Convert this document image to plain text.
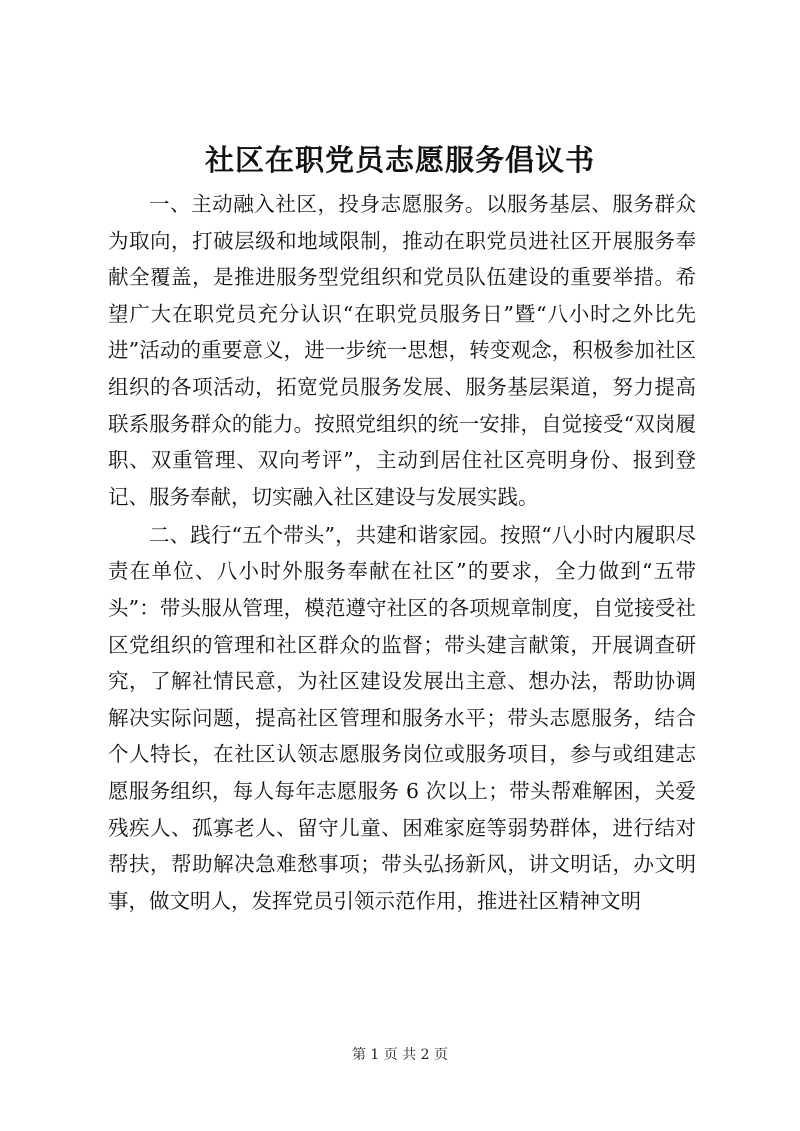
社区在职党员志愿服务倡议书

一、主动融入社区，投身志愿服务。以服务基层、服务群众为取向，打破层级和地域限制，推动在职党员进社区开展服务奉献全覆盖，是推进服务型党组织和党员队伍建设的重要举措。希望广大在职党员充分认识“在职党员服务日”暨“八小时之外比先进”活动的重要意义，进一步统一思想，转变观念，积极参加社区组织的各项活动，拓宽党员服务发展、服务基层渠道，努力提高联系服务群众的能力。按照党组织的统一安排，自觉接受“双岗履职、双重管理、双向考评”，主动到居住社区亮明身份、报到登记、服务奉献，切实融入社区建设与发展实践。

二、践行“五个带头”，共建和谐家园。按照“八小时内履职尽责在单位、八小时外服务奉献在社区”的要求，全力做到“五带头”：带头服从管理，模范遵守社区的各项规章制度，自觉接受社区党组织的管理和社区群众的监督；带头建言献策，开展调查研究，了解社情民意，为社区建设发展出主意、想办法，帮助协调解决实际问题，提高社区管理和服务水平；带头志愿服务，结合个人特长，在社区认领志愿服务岗位或服务项目，参与或组建志愿服务组织，每人每年志愿服务 6 次以上；带头帮难解困，关爱残疾人、孤寡老人、留守儿童、困难家庭等弱势群体，进行结对帮扶，帮助解决急难愁事项；带头弘扬新风，讲文明话，办文明事，做文明人，发挥党员引领示范作用，推进社区精神文明

第 1 页 共 2 页
